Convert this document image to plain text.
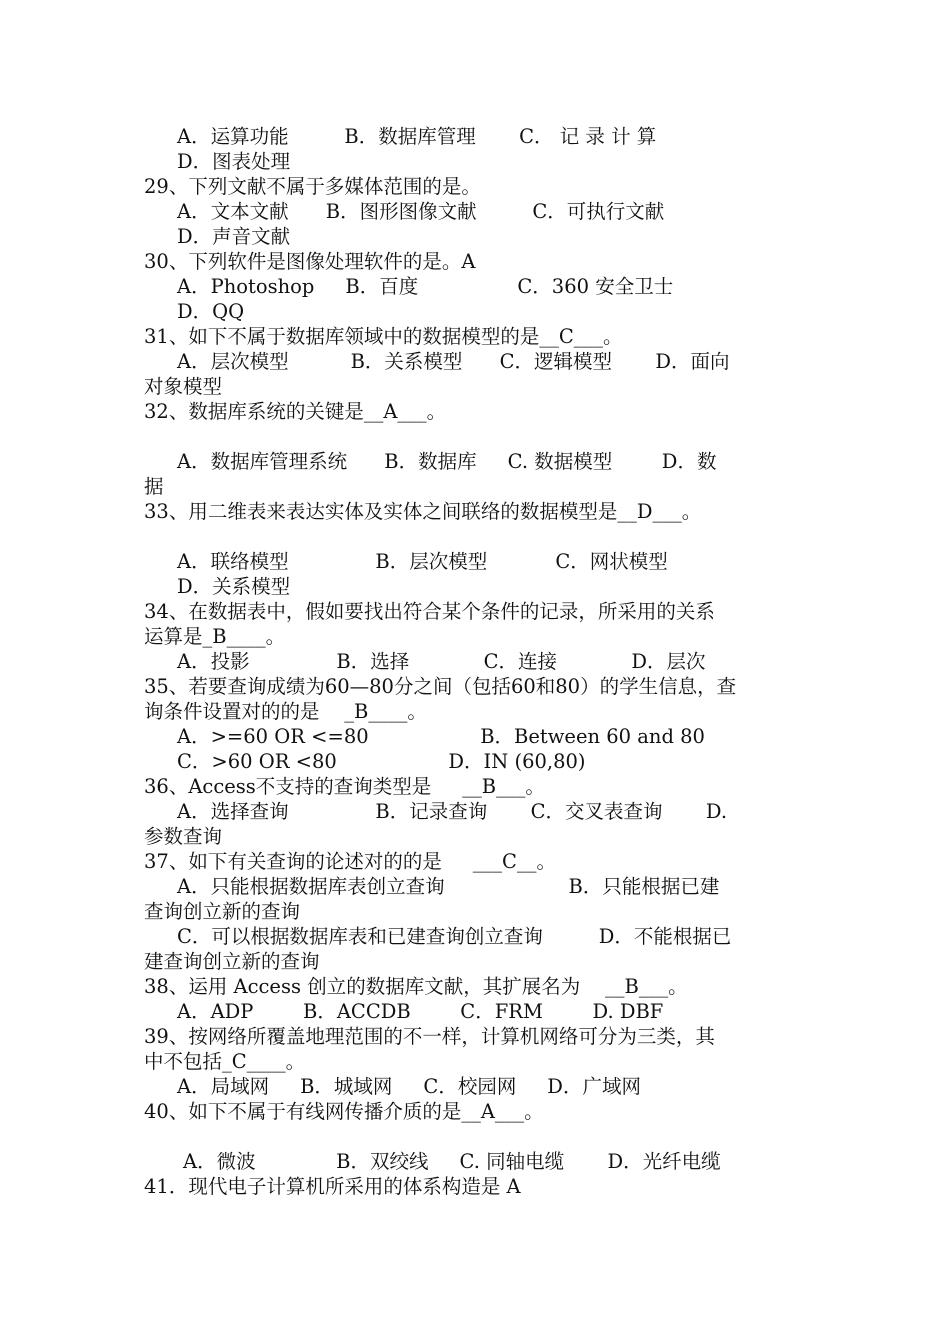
A．运算功能         B．数据库管理       C． 记 录 计 算
D．图表处理
29、下列文献不属于多媒体范围的是。
A．文本文献      B．图形图像文献         C．可执行文献
D．声音文献
30、下列软件是图像处理软件的是。A
A．Photoshop     B．百度                C．360 安全卫士
D．QQ
31、如下不属于数据库领域中的数据模型的是__C___。
A．层次模型          B．关系模型      C．逻辑模型       D．面向
对象模型
32、数据库系统的关键是__A___。
A．数据库管理系统      B．数据库     C. 数据模型        D．数
据
33、用二维表来表达实体及实体之间联络的数据模型是__D___。
A．联络模型              B．层次模型           C．网状模型
D．关系模型
34、在数据表中，假如要找出符合某个条件的记录，所采用的关系
运算是_B____。
A．投影              B．选择            C．连接            D．层次
35、若要查询成绩为60—80分之间（包括60和80）的学生信息，查
询条件设置对的的是    _B____。
A．>=60 OR <=80                  B．Between 60 and 80
C．>60 OR <80                  D．IN (60,80)
36、Access不支持的查询类型是     __B___。
A．选择查询              B．记录查询       C．交叉表查询       D.
参数查询
37、如下有关查询的论述对的的是     ___C__。
A．只能根据数据库表创立查询                    B．只能根据已建
查询创立新的查询
C．可以根据数据库表和已建查询创立查询         D．不能根据已
建查询创立新的查询
38、运用 Access 创立的数据库文献，其扩展名为    __B___。
A．ADP        B．ACCDB        C．FRM        D. DBF
39、按网络所覆盖地理范围的不一样，计算机网络可分为三类，其
中不包括_C____。
A．局域网     B．城域网     C．校园网     D．广域网
40、如下不属于有线网传播介质的是__A___。
A．微波             B．双绞线     C. 同轴电缆       D．光纤电缆
41．现代电子计算机所采用的体系构造是 A
